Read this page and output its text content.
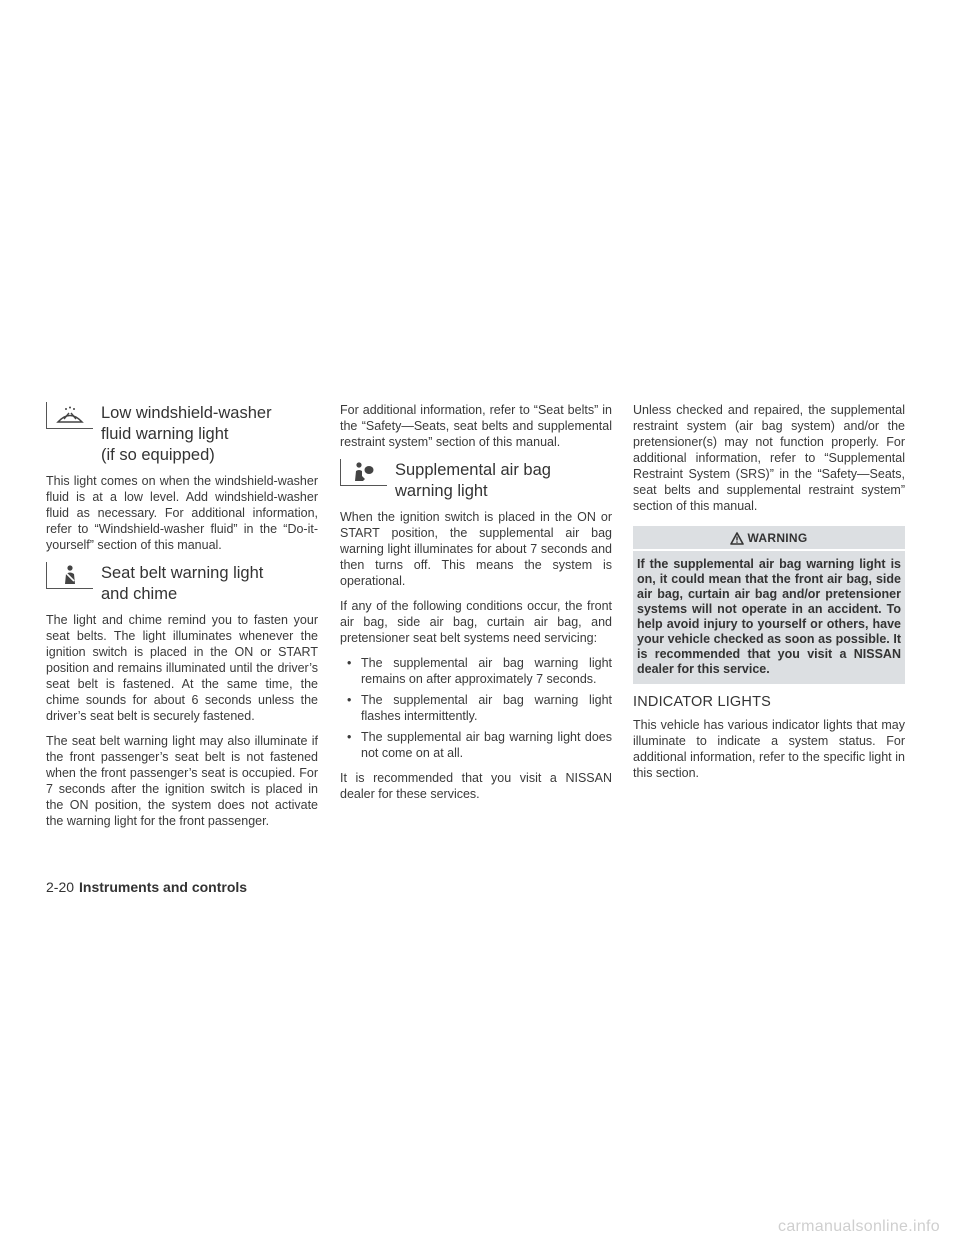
Low windshield-washer
fluid warning light
(if so equipped)

This light comes on when the windshield-washer fluid is at a low level. Add windshield-washer fluid as necessary. For additional information, refer to “Windshield-washer fluid” in the “Do-it-yourself” section of this manual.

Seat belt warning light
and chime

The light and chime remind you to fasten your seat belts. The light illuminates whenever the ignition switch is placed in the ON or START position and remains illuminated until the driver’s seat belt is fastened. At the same time, the chime sounds for about 6 seconds unless the driver’s seat belt is securely fastened.

The seat belt warning light may also illuminate if the front passenger’s seat belt is not fastened when the front passenger’s seat is occupied. For 7 seconds after the ignition switch is placed in the ON position, the system does not activate the warning light for the front passenger.

For additional information, refer to “Seat belts” in the “Safety—Seats, seat belts and supplemental restraint system” section of this manual.

Supplemental air bag
warning light

When the ignition switch is placed in the ON or START position, the supplemental air bag warning light illuminates for about 7 seconds and then turns off. This means the system is operational.

If any of the following conditions occur, the front air bag, side air bag, curtain air bag, and pretensioner seat belt systems need servicing:

• The supplemental air bag warning light remains on after approximately 7 seconds.
• The supplemental air bag warning light flashes intermittently.
• The supplemental air bag warning light does not come on at all.

It is recommended that you visit a NISSAN dealer for these services.

Unless checked and repaired, the supplemental restraint system (air bag system) and/or the pretensioner(s) may not function properly. For additional information, refer to “Supplemental Restraint System (SRS)” in the “Safety—Seats, seat belts and supplemental restraint system” section of this manual.

WARNING
If the supplemental air bag warning light is on, it could mean that the front air bag, side air bag, curtain air bag and/or pretensioner systems will not operate in an accident. To help avoid injury to yourself or others, have your vehicle checked as soon as possible. It is recommended that you visit a NISSAN dealer for this service.
INDICATOR LIGHTS

This vehicle has various indicator lights that may illuminate to indicate a system status. For additional information, refer to the specific light in this section.

2-20 Instruments and controls
carmanualsonline.info
